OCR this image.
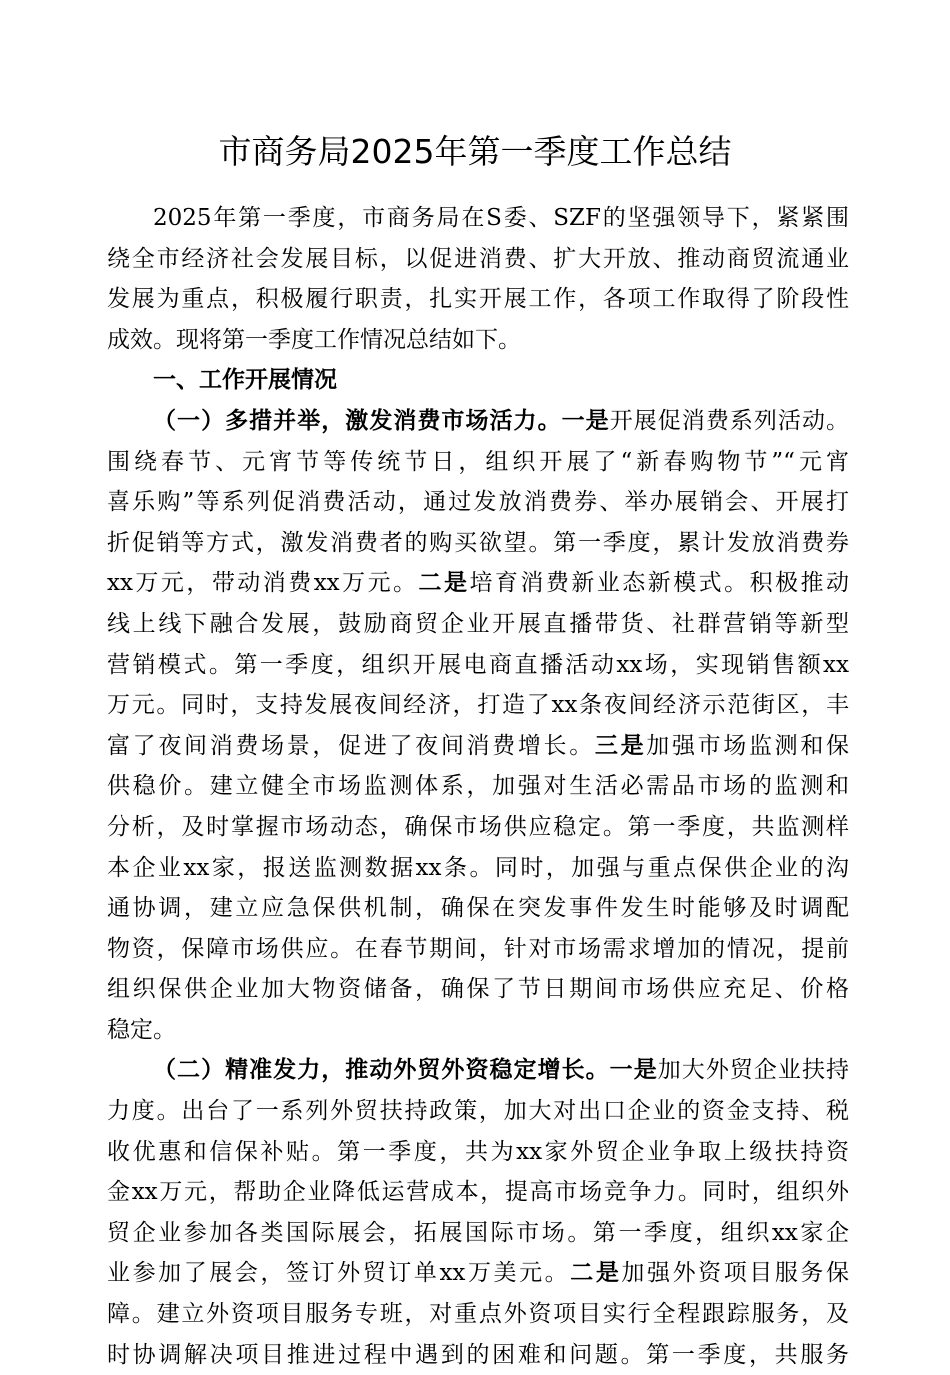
市商务局2025年第一季度工作总结
2025年第一季度，市商务局在S委、SZF的坚强领导下，紧紧围
绕全市经济社会发展目标，以促进消费、扩大开放、推动商贸流通业
发展为重点，积极履行职责，扎实开展工作，各项工作取得了阶段性
成效。现将第一季度工作情况总结如下。
一、工作开展情况
（一）多措并举，激发消费市场活力。一是开展促消费系列活动。
围绕春节、元宵节等传统节日，组织开展了“新春购物节”“元宵
喜乐购”等系列促消费活动，通过发放消费券、举办展销会、开展打
折促销等方式，激发消费者的购买欲望。第一季度，累计发放消费券
xx万元，带动消费xx万元。二是培育消费新业态新模式。积极推动
线上线下融合发展，鼓励商贸企业开展直播带货、社群营销等新型
营销模式。第一季度，组织开展电商直播活动xx场，实现销售额xx
万元。同时，支持发展夜间经济，打造了xx条夜间经济示范街区，丰
富了夜间消费场景，促进了夜间消费增长。三是加强市场监测和保
供稳价。建立健全市场监测体系，加强对生活必需品市场的监测和
分析，及时掌握市场动态，确保市场供应稳定。第一季度，共监测样
本企业xx家，报送监测数据xx条。同时，加强与重点保供企业的沟
通协调，建立应急保供机制，确保在突发事件发生时能够及时调配
物资，保障市场供应。在春节期间，针对市场需求增加的情况，提前
组织保供企业加大物资储备，确保了节日期间市场供应充足、价格
稳定。
（二）精准发力，推动外贸外资稳定增长。一是加大外贸企业扶持
力度。出台了一系列外贸扶持政策，加大对出口企业的资金支持、税
收优惠和信保补贴。第一季度，共为xx家外贸企业争取上级扶持资
金xx万元，帮助企业降低运营成本，提高市场竞争力。同时，组织外
贸企业参加各类国际展会，拓展国际市场。第一季度，组织xx家企
业参加了展会，签订外贸订单xx万美元。二是加强外资项目服务保
障。建立外资项目服务专班，对重点外资项目实行全程跟踪服务，及
时协调解决项目推进过程中遇到的困难和问题。第一季度，共服务
